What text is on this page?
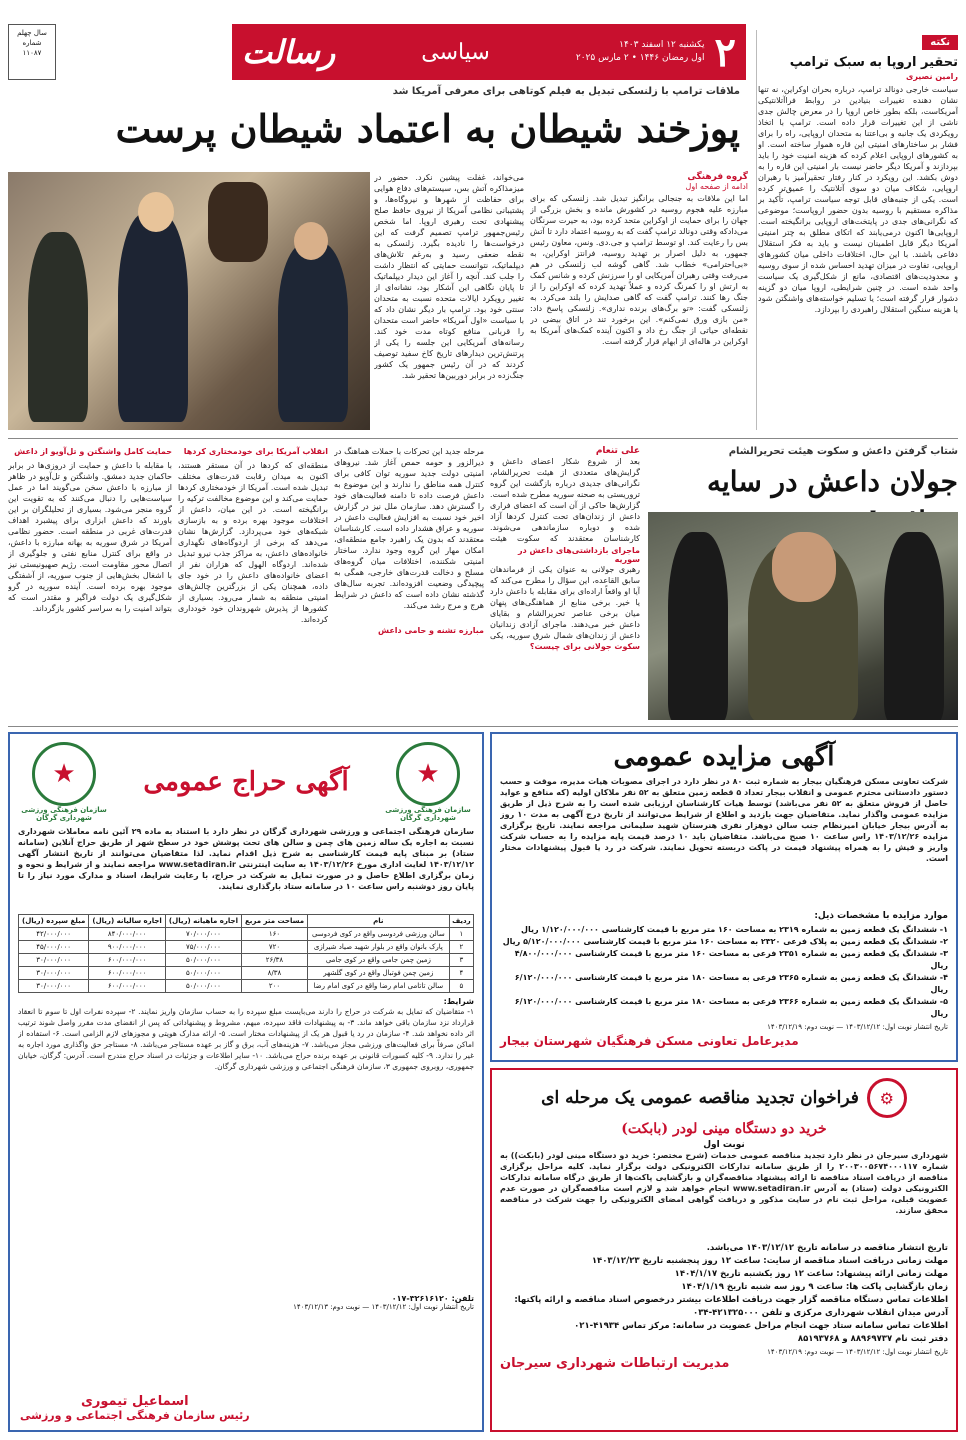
۲
یکشنبه ۱۲ اسفند ۱۴۰۳
اول رمضان ۱۴۴۶ • ۲ مارس ۲۰۲۵
سیاسی
رسالت
سال چهلم
شماره ۱۱۰۸۷
نکته
تحقیر اروپا به سبک ترامپ
رامین نصیری
سیاست خارجی دونالد ترامپ، درباره بحران اوکراین، نه تنها نشان دهنده تغییرات بنیادین در روابط فراآتلانتیکی آمریکاست، بلکه بطور خاص اروپا را در معرض چالش جدی ناشی از این تغییرات قرار داده است. ترامپ با اتخاذ رویکردی یک جانبه و بی‌اعتنا به متحدان اروپایی، راه را برای فشار بر ساختارهای امنیتی این قاره هموار ساخته است. او به کشورهای اروپایی اعلام کرده که هزینه امنیت خود را باید بپردازند و آمریکا دیگر حاضر نیست بار امنیتی این قاره را به دوش بکشد. این رویکرد در کنار رفتار تحقیرآمیز با رهبران اروپایی، شکاف میان دو سوی آتلانتیک را عمیق‌تر کرده است. یکی از جنبه‌های قابل توجه سیاست ترامپ، تأکید بر مذاکره مستقیم با روسیه بدون حضور اروپاست؛ موضوعی که نگرانی‌های جدی در پایتخت‌های اروپایی برانگیخته است. اروپایی‌ها اکنون درمی‌یابند که اتکای مطلق به چتر امنیتی آمریکا دیگر قابل اطمینان نیست و باید به فکر استقلال دفاعی باشند. با این حال، اختلافات داخلی میان کشورهای اروپایی، تفاوت در میزان تهدید احساس شده از سوی روسیه و محدودیت‌های اقتصادی، مانع از شکل‌گیری یک سیاست واحد شده است. در چنین شرایطی، اروپا میان دو گزینه دشوار قرار گرفته است؛ یا تسلیم خواسته‌های واشنگتن شود یا هزینه سنگین استقلال راهبردی را بپردازد.
ملاقات ترامپ با زلنسکی تبدیل به فیلم کوتاهی برای معرفی آمریکا شد
پوزخند شیطان به اعتماد شیطان پرست
گروه فرهنگی
ادامه از صفحه اول
اما این ملاقات به جنجالی برانگیز تبدیل شد. زلنسکی که برای مبارزه علیه هجوم روسیه در کشورش مانده و بخش بزرگی از جهان را برای حمایت از اوکراین متحد کرده بود، به حیرت سرنگان می‌دادکه وقتی دونالد ترامپ گفت که به روسیه اعتماد دارد تا آتش بس را رعایت کند. او توسط ترامپ و جی.دی. ونس، معاون رئیس جمهور، به دلیل اصرار بر تهدید روسیه، فرانتز اوکراین، به «بی‌احترامی» خطاب شد. گاهی گوشه لب زلنسکی در هم می‌رفت وقتی رهبران آمریکایی او را سرزنش کرده و شانس کمک به ارتش او را کمرنگ کرده و عملاً تهدید کرده که اوکراین را از جنگ رها کنند. ترامپ گفت که گاهی صدایش را بلند می‌کرد. به زلنسکی گفت: «تو برگ‌های برنده نداری». زلنسکی پاسخ داد: «من بازی ورق نمی‌کنم». این برخورد تند در اتاق بیضی در نقطه‌ای حیاتی از جنگ رخ داد و اکنون آینده کمک‌های آمریکا به اوکراین در هاله‌ای از ابهام قرار گرفته است.
می‌خواند، غفلت پیشین نکرد. حضور در میزمذاکره آتش بس، سیستم‌های دفاع هوایی برای حفاظت از شهرها و نیروگاه‌ها، و پشتیبانی نظامی آمریکا از نیروی حافظ صلح پیشنهادی تحت رهبری اروپا. اما شخص رئیس‌جمهور ترامپ تصمیم گرفت که این درخواست‌ها را نادیده بگیرد. زلنسکی به نقطه ضعفی رسید و به‌رغم تلاش‌های دیپلماتیک، نتوانست حمایتی که انتظار داشت را جلب کند. آنچه را آغاز این دیدار دیپلماتیک تا پایان نگاهی این آشکار بود، نشانه‌ای از تغییر رویکرد ایالات متحده نسبت به متحدان سنتی خود بود. ترامپ بار دیگر نشان داد که با سیاست «اول آمریکا» حاضر است متحدان را قربانی منافع کوتاه مدت خود کند. رسانه‌های آمریکایی این جلسه را یکی از پرتنش‌ترین دیدارهای تاریخ کاخ سفید توصیف کردند که در آن رئیس جمهور یک کشور جنگ‌زده در برابر دوربین‌ها تحقیر شد.
شتاب گرفتن داعش و سکوت هیئت تحریرالشام
جولان داعش در سایه
علی تنعام
بعد از شروع شکار اعضای داعش و گرایش‌های متعددی از هیئت تحریرالشام، نگرانی‌های جدیدی درباره بازگشت این گروه تروریستی به صحنه سوریه مطرح شده است. گزارش‌ها حاکی از آن است که اعضای فراری داعش از زندان‌های تحت کنترل کردها آزاد شده و دوباره سازماندهی می‌شوند. کارشناسان معتقدند که سکوت هیئت
ماجرای بازداشتی‌های داعش در سوریه
رهبری جولانی به عنوان یکی از فرماندهان سابق القاعده، این سؤال را مطرح می‌کند که آیا او واقعاً اراده‌ای برای مقابله با داعش دارد یا خیر. برخی منابع از هماهنگی‌های پنهان میان برخی عناصر تحریرالشام و بقایای داعش خبر می‌دهند. ماجرای آزادی زندانیان داعش از زندان‌های شمال شرق سوریه، یکی
سکوت جولانی برای چیست؟
مرحله جدید این تحرکات با حملات هماهنگ در دیرالزور و حومه حمص آغاز شد. نیروهای امنیتی دولت جدید سوریه توان کافی برای کنترل همه مناطق را ندارند و این موضوع به داعش فرصت داده تا دامنه فعالیت‌های خود را گسترش دهد. سازمان ملل نیز در گزارش اخیر خود نسبت به افزایش فعالیت داعش در سوریه و عراق هشدار داده است. کارشناسان معتقدند که بدون یک راهبرد جامع منطقه‌ای، امکان مهار این گروه وجود ندارد. ساختار امنیتی شکننده، اختلافات میان گروه‌های مسلح و دخالت قدرت‌های خارجی، همگی به پیچیدگی وضعیت افزوده‌اند. تجربه سال‌های گذشته نشان داده است که داعش در شرایط هرج و مرج رشد می‌کند.
مبارزه تشنه و حامی داعش
انقلاب آمریکا برای خودمختاری کردها
منطقه‌ای که کردها در آن مستقر هستند، اکنون به میدان رقابت قدرت‌های مختلف تبدیل شده است. آمریکا از خودمختاری کردها حمایت می‌کند و این موضوع مخالفت ترکیه را برانگیخته است. در این میان، داعش از اختلافات موجود بهره برده و به بازسازی شبکه‌های خود می‌پردازد. گزارش‌ها نشان می‌دهد که برخی از اردوگاه‌های نگهداری خانواده‌های داعش، به مراکز جذب نیرو تبدیل شده‌اند. اردوگاه الهول که هزاران نفر از اعضای خانواده‌های داعش را در خود جای داده، همچنان یکی از بزرگترین چالش‌های امنیتی منطقه به شمار می‌رود. بسیاری از کشورها از پذیرش شهروندان خود خودداری کرده‌اند.
حمایت کامل واشنگتن و تل‌آویو از داعش
با مقابله با داعش و حمایت از دروزی‌ها در برابر حاکمان جدید دمشق. واشنگتن و تل‌آویو در ظاهر از مبارزه با داعش سخن می‌گویند اما در عمل سیاست‌هایی را دنبال می‌کنند که به تقویت این گروه منجر می‌شود. بسیاری از تحلیلگران بر این باورند که داعش ابزاری برای پیشبرد اهداف قدرت‌های غربی در منطقه است. حضور نظامی آمریکا در شرق سوریه به بهانه مبارزه با داعش، در واقع برای کنترل منابع نفتی و جلوگیری از اتصال محور مقاومت است. رژیم صهیونیستی نیز با اشغال بخش‌هایی از جنوب سوریه، از آشفتگی موجود بهره برده است. آینده سوریه در گرو شکل‌گیری یک دولت فراگیر و مقتدر است که بتواند امنیت را به سراسر کشور بازگرداند.
آگهی مزایده عمومی
شرکت تعاونی مسکن فرهنگیان بیجار به شماره ثبت ۸۰ در نظر دارد در اجرای مصوبات هیات مدیره، موقت و حسب دستور دادستانی محترم عمومی و انقلاب بیجار تعداد ۵ قطعه زمین متعلق به ۵۲ نفر ملاکان اولیه (که منافع و عواید حاصل از فروش متعلق به ۵۲ نفر می‌باشد) توسط هیات کارشناسان ارزیابی شده است را به شرح ذیل از طریق مزایده عمومی واگذار نماید. متقاضیان جهت بازدید و اطلاع از شرایط می‌توانند از تاریخ درج آگهی به مدت ۱۰ روز به آدرس بیجار خیابان امیرنظام جنب سالن دوهزار نفری هنرستان شهید سلیمانی مراجعه نمایند. تاریخ برگزاری مزایده ۱۴۰۳/۱۲/۲۶ راس ساعت ۱۰ صبح می‌باشد. متقاضیان باید ۱۰ درصد قیمت پایه مزایده را به حساب شرکت واریز و فیش را به همراه پیشنهاد قیمت در پاکت دربسته تحویل نمایند. شرکت در رد یا قبول پیشنهادات مختار است.
موارد مزایده با مشخصات ذیل:
۱- ششدانگ یک قطعه زمین به شماره ۲۳۱۹ به مساحت ۱۶۰ متر مربع با قیمت کارشناسی ۱/۱۲۰/۰۰۰/۰۰۰ ریال
۲- ششدانگ یک قطعه زمین به پلاک فرعی ۲۳۲۰ به مساحت ۱۶۰ متر مربع با قیمت کارشناسی ۵/۱۲۰/۰۰۰/۰۰۰ ریال
۳- ششدانگ یک قطعه زمین به شماره ۲۳۵۱ فرعی به مساحت ۱۶۰ متر مربع با قیمت کارشناسی ۴/۸۰۰/۰۰۰/۰۰۰ ریال
۴- ششدانگ یک قطعه زمین به شماره ۲۳۶۵ فرعی به مساحت ۱۸۰ متر مربع با قیمت کارشناسی ۶/۱۲۰/۰۰۰/۰۰۰ ریال
۵- ششدانگ یک قطعه زمین به شماره ۲۳۶۶ فرعی به مساحت ۱۸۰ متر مربع با قیمت کارشناسی ۶/۱۲۰/۰۰۰/۰۰۰ ریال
تاریخ انتشار نوبت اول: ۱۴۰۳/۱۲/۱۲ — نوبت دوم: ۱۴۰۳/۱۲/۱۹
مدیرعامل تعاونی مسکن فرهنگیان شهرستان بیجار
⚙
فراخوان تجدید مناقصه عمومی یک مرحله ای
خرید دو دستگاه مینی لودر (بابکت)
نوبت اول
شهرداری سیرجان در نظر دارد تجدید مناقصه عمومی خدمات (شرح مختصر: خرید دو دستگاه مینی لودر (بابکت)) به شماره ۲۰۰۳۰۰۵۶۷۴۰۰۰۱۱۷ را از طریق سامانه تدارکات الکترونیکی دولت برگزار نماید. کلیه مراحل برگزاری مناقصه از دریافت اسناد مناقصه تا ارائه پیشنهاد مناقصه‌گران و بازگشایی پاکت‌ها از طریق درگاه سامانه تدارکات الکترونیکی دولت (ستاد) به آدرس www.setadiran.ir انجام خواهد شد و لازم است مناقصه‌گران در صورت عدم عضویت قبلی، مراحل ثبت نام در سایت مذکور و دریافت گواهی امضای الکترونیکی را جهت شرکت در مناقصه محقق سازند.
تاریخ انتشار مناقصه در سامانه تاریخ ۱۴۰۳/۱۲/۱۲ می‌باشد.
مهلت زمانی دریافت اسناد مناقصه از سایت: ساعت ۱۲ روز پنجشنبه تاریخ ۱۴۰۳/۱۲/۲۳
مهلت زمانی ارائه پیشنهاد: ساعت ۱۲ روز یکشنبه تاریخ ۱۴۰۴/۱/۱۷
زمان بازگشایی پاکت ها: ساعت ۹ روز سه شنبه تاریخ ۱۴۰۴/۱/۱۹
اطلاعات تماس دستگاه مناقصه گزار جهت دریافت اطلاعات بیشتر درخصوص اسناد مناقصه و ارائه پاکتها:
آدرس میدان انقلاب شهرداری مرکزی و تلفن ۴۲۱۳۲۵۰۰۰-۰۳۴
اطلاعات تماس سامانه ستاد جهت انجام مراحل عضویت در سامانه: مرکز تماس ۴۱۹۳۴-۰۲۱
دفتر ثبت نام ۸۸۹۶۹۷۳۷ و ۸۵۱۹۳۷۶۸
تاریخ انتشار نوبت اول: ۱۴۰۳/۱۲/۱۲ — نوبت دوم: ۱۴۰۳/۱۲/۱۹
مدیریت ارتباطات شهرداری سیرجان
★
سازمان فرهنگی ورزشی شهرداری گرگان
آگهی حراج عمومی
★
سازمان فرهنگی ورزشی شهرداری گرگان
سازمان فرهنگی اجتماعی و ورزشی شهرداری گرگان در نظر دارد با استناد به ماده ۲۹ آئین نامه معاملات شهرداری نسبت به اجاره یک ساله زمین های چمن و سالن های تحت پوشش خود در سطح شهر از طریق حراج آنلاین (سامانه ستاد) بر مبنای پایه قیمت کارشناسی به شرح ذیل اقدام نماید. لذا متقاضیان می‌توانند از تاریخ انتشار آگهی ۱۴۰۳/۱۲/۱۲ لغایت اداری مورخ ۱۴۰۳/۱۲/۲۶ به سایت اینترنتی www.setadiran.ir مراجعه نمایند و از شرایط و نحوه و زمان برگزاری اطلاع حاصل و در صورت تمایل به شرکت در حراج، با رعایت شرایط، اسناد و مدارک مورد نیاز را تا پایان روز دوشنبه راس ساعت ۱۰ در سامانه ستاد بارگذاری نمایند.
ردیف	نام	مساحت متر مربع	اجاره ماهیانه (ریال)	اجاره سالیانه (ریال)	مبلغ سپرده (ریال)
۱	سالن ورزشی فردوسی واقع در کوی فردوسی	۱۶۰	۷۰/۰۰۰/۰۰۰	۸۴۰/۰۰۰/۰۰۰	۴۲/۰۰۰/۰۰۰
۲	پارک بانوان واقع در بلوار شهید صیاد شیرازی	۷۲۰	۷۵/۰۰۰/۰۰۰	۹۰۰/۰۰۰/۰۰۰	۴۵/۰۰۰/۰۰۰
۳	زمین چمن جامی واقع در کوی جامی	۲۶/۳۸	۵۰/۰۰۰/۰۰۰	۶۰۰/۰۰۰/۰۰۰	۳۰/۰۰۰/۰۰۰
۴	زمین چمن فوتبال واقع در کوی گلشهر	۸/۳۸	۵۰/۰۰۰/۰۰۰	۶۰۰/۰۰۰/۰۰۰	۳۰/۰۰۰/۰۰۰
۵	سالن تاتامی امام رضا واقع در کوی امام رضا	۲۰۰	۵۰/۰۰۰/۰۰۰	۶۰۰/۰۰۰/۰۰۰	۳۰/۰۰۰/۰۰۰
شرایط:
۱- متقاضیان که تمایل به شرکت در حراج را دارند می‌بایست مبلغ سپرده را به حساب سازمان واریز نمایند. ۲- سپرده نفرات اول تا سوم تا انعقاد قرارداد نزد سازمان باقی خواهد ماند. ۳- به پیشنهادات فاقد سپرده، مبهم، مشروط و پیشنهاداتی که پس از انقضای مدت مقرر واصل شوند ترتیب اثر داده نخواهد شد. ۴- سازمان در رد یا قبول هر یک از پیشنهادات مختار است. ۵- ارائه مدارک هویتی و مجوزهای لازم الزامی است. ۶- استفاده از اماکن صرفاً برای فعالیت‌های ورزشی مجاز می‌باشد. ۷- هزینه‌های آب، برق و گاز بر عهده مستاجر می‌باشد. ۸- مستاجر حق واگذاری مورد اجاره به غیر را ندارد. ۹- کلیه کسورات قانونی بر عهده برنده حراج می‌باشد. ۱۰- سایر اطلاعات و جزئیات در اسناد حراج مندرج است. آدرس: گرگان، خیابان جمهوری، روبروی جمهوری ۳، سازمان فرهنگی اجتماعی و ورزشی شهرداری گرگان.
تلفن: ۳۲۶۱۶۱۲۰-۰۱۷
تاریخ انتشار نوبت اول: ۱۴۰۳/۱۲/۱۲ — نوبت دوم: ۱۴۰۳/۱۲/۱۳
اسماعیل تیموری
رئیس سازمان فرهنگی اجتماعی و ورزشی
